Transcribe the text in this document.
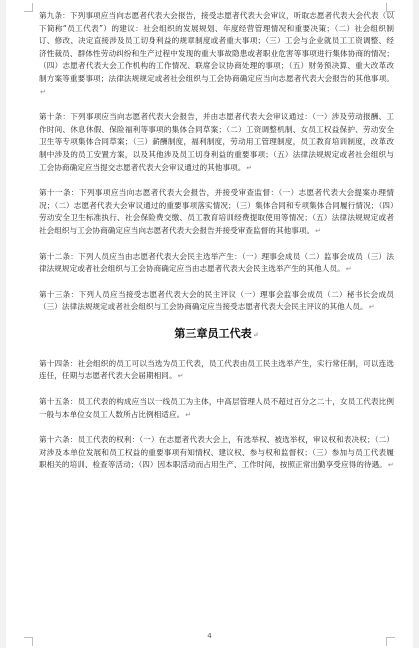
第九条：下列事项应当向志愿者代表大会报告，接受志愿者代表大会审议，听取志愿者代表大会代表（以下简称“员工代表”）的建议：社会组织的发展规划、年度经营管理情况和重要决策；（二）社会组织制订、修改、决定直接涉及员工切身利益的规章制度或者重大事项；（三）工会与企业就员工工资调整、经济性裁员、群体性劳动纠纷和生产过程中发现的重大事故隐患或者职业危害等事项进行集体协商的情况；（四）志愿者代表大会工作机构的工作情况、联席会议协商处理的事项；（五）财务预决算、重大改革改制方案等重要事项；法律法规规定或者社会组织与工会协商确定应当向志愿者代表大会报告的其他事项。↵

第十条：下列事项应当向志愿者代表大会报告，并由志愿者代表大会审议通过：（一）涉及劳动报酬、工作时间、休息休假、保险福利等事项的集体合同草案；（二）工资调整机制、女员工权益保护、劳动安全卫生等专项集体合同草案；（三）薪酬制度，福利制度，劳动用工管理制度，员工教育培训制度，改革改制中涉及的员工安置方案，以及其他涉及员工切身利益的重要事项；（五）法律法规规定或者社会组织与工会协商确定应当提交志愿者代表大会审议通过的其他事项。↵

第十一条：下列事项应当向志愿者代表大会报告，并接受审查监督：（一）志愿者代表大会提案办理情况；（二）志愿者代表大会审议通过的重要事项落实情况；（三）集体合同和专项集体合同履行情况；（四）劳动安全卫生标准执行、社会保险费交缴、员工教育培训经费提取使用等情况；（五）法律法规规定或者社会组织与工会协商确定应当向志愿者代表大会报告并接受审查监督的其他事项。↵

第十二条：下列人员应当由志愿者代表大会民主选举产生：（一）理事会成员（二）监事会成员（三）法律法规规定或者社会组织与工会协商确定应当由志愿者代表大会民主选举产生的其他人员。↵

第十三条：下列人员应当接受志愿者代表大会的民主评议（一）理事会监事会成员（二）秘书长会成员（三）法律法规规定或者社会组织与工会协商确定应当接受志愿者代表大会民主评议的其他人员。↵

第三章员工代表↵

第十四条：社会组织的员工可以当选为员工代表，员工代表由员工民主选举产生，实行常任制，可以连选连任，任期与志愿者代表大会届期相同。↵

第十五条：员工代表的构成应当以一线员工为主体，中高层管理人员不超过百分之二十，女员工代表比例一般与本单位女员工人数所占比例相适应。↵

第十六条：员工代表的权利：（一）在志愿者代表大会上，有选举权、被选举权，审议权和表决权；（二）对涉及本单位发展和员工权益的重要事项有知情权、建议权、参与权和监督权；（三）参加与员工代表履职相关的培训、检查等活动；（四）因本职活动而占用生产、工作时间，按照正常出勤享受应得的待遇。↵

4
